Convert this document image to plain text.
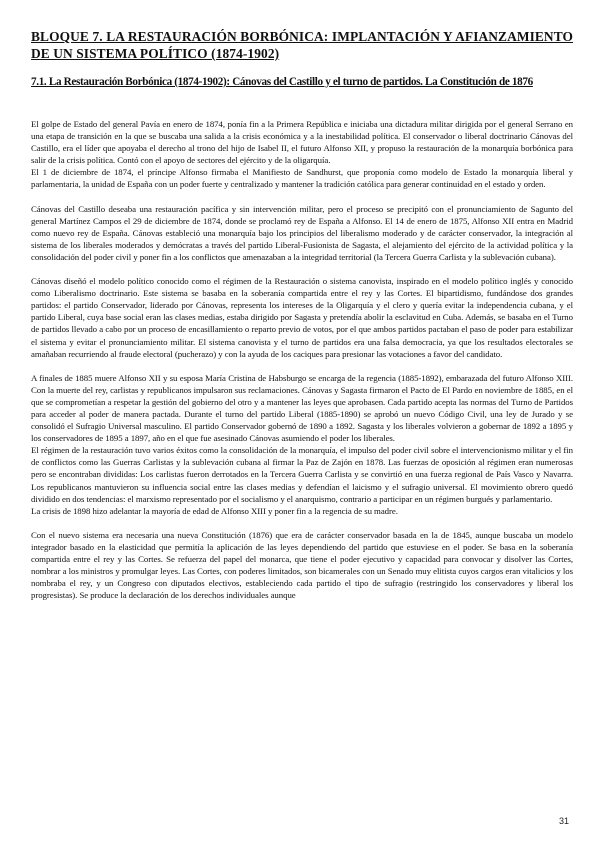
BLOQUE 7. LA RESTAURACIÓN BORBÓNICA: IMPLANTACIÓN Y AFIANZAMIENTO DE UN SISTEMA POLÍTICO (1874-1902)
7.1. La Restauración Borbónica (1874-1902): Cánovas del Castillo y el turno de partidos. La Constitución de 1876

El golpe de Estado del general Pavía en enero de 1874, ponía fin a la Primera República e iniciaba una dictadura militar dirigida por el general Serrano en una etapa de transición en la que se buscaba una salida a la crisis económica y a la inestabilidad política. El conservador o liberal doctrinario Cánovas del Castillo, era el líder que apoyaba el derecho al trono del hijo de Isabel II, el futuro Alfonso XII, y propuso la restauración de la monarquía borbónica para salir de la crisis política. Contó con el apoyo de sectores del ejército y de la oligarquía.

El 1 de diciembre de 1874, el príncipe Alfonso firmaba el Manifiesto de Sandhurst, que proponía como modelo de Estado la monarquía liberal y parlamentaria, la unidad de España con un poder fuerte y centralizado y mantener la tradición católica para generar continuidad en el estado y orden.

Cánovas del Castillo deseaba una restauración pacífica y sin intervención militar, pero el proceso se precipitó con el pronunciamiento de Sagunto del general Martínez Campos el 29 de diciembre de 1874, donde se proclamó rey de España a Alfonso. El 14 de enero de 1875, Alfonso XII entra en Madrid como nuevo rey de España. Cánovas estableció una monarquía bajo los principios del liberalismo moderado y de carácter conservador, la integración al sistema de los liberales moderados y demócratas a través del partido Liberal-Fusionista de Sagasta, el alejamiento del ejército de la actividad política y la consolidación del poder civil y poner fin a los conflictos que amenazaban a la integridad territorial (la Tercera Guerra Carlista y la sublevación cubana).

Cánovas diseñó el modelo político conocido como el régimen de la Restauración o sistema canovista, inspirado en el modelo político inglés y conocido como Liberalismo doctrinario. Este sistema se basaba en la soberanía compartida entre el rey y las Cortes. El bipartidismo, fundándose dos grandes partidos: el partido Conservador, liderado por Cánovas, representa los intereses de la Oligarquía y el clero y quería evitar la independencia cubana, y el partido Liberal, cuya base social eran las clases medias, estaba dirigido por Sagasta y pretendía abolir la esclavitud en Cuba. Además, se basaba en el Turno de partidos llevado a cabo por un proceso de encasillamiento o reparto previo de votos, por el que ambos partidos pactaban el paso de poder para estabilizar el sistema y evitar el pronunciamiento militar. El sistema canovista y el turno de partidos era una falsa democracia, ya que los resultados electorales se amañaban recurriendo al fraude electoral (pucherazo) y con la ayuda de los caciques para presionar las votaciones a favor del candidato.

A finales de 1885 muere Alfonso XII y su esposa María Cristina de Habsburgo se encarga de la regencia (1885-1892), embarazada del futuro Alfonso XIII. Con la muerte del rey, carlistas y republicanos impulsaron sus reclamaciones. Cánovas y Sagasta firmaron el Pacto de El Pardo en noviembre de 1885, en el que se comprometían a respetar la gestión del gobierno del otro y a mantener las leyes que aprobasen. Cada partido acepta las normas del Turno de Partidos para acceder al poder de manera pactada. Durante el turno del partido Liberal (1885-1890) se aprobó un nuevo Código Civil, una ley de Jurado y se consolidó el Sufragio Universal masculino. El partido Conservador gobernó de 1890 a 1892. Sagasta y los liberales volvieron a gobernar de 1892 a 1895 y los conservadores de 1895 a 1897, año en el que fue asesinado Cánovas asumiendo el poder los liberales.

El régimen de la restauración tuvo varios éxitos como la consolidación de la monarquía, el impulso del poder civil sobre el intervencionismo militar y el fin de conflictos como las Guerras Carlistas y la sublevación cubana al firmar la Paz de Zajón en 1878. Las fuerzas de oposición al régimen eran numerosas pero se encontraban divididas: Los carlistas fueron derrotados en la Tercera Guerra Carlista y se convirtió en una fuerza regional de País Vasco y Navarra. Los republicanos mantuvieron su influencia social entre las clases medias y defendían el laicismo y el sufragio universal. El movimiento obrero quedó dividido en dos tendencias: el marxismo representado por el socialismo y el anarquismo, contrario a participar en un régimen burgués y parlamentario.

La crisis de 1898 hizo adelantar la mayoría de edad de Alfonso XIII y poner fin a la regencia de su madre.

Con el nuevo sistema era necesaria una nueva Constitución (1876) que era de carácter conservador basada en la de 1845, aunque buscaba un modelo integrador basado en la elasticidad que permitía la aplicación de las leyes dependiendo del partido que estuviese en el poder. Se basa en la soberanía compartida entre el rey y las Cortes. Se refuerza del papel del monarca, que tiene el poder ejecutivo y capacidad para convocar y disolver las Cortes, nombrar a los ministros y promulgar leyes. Las Cortes, con poderes limitados, son bicamerales con un Senado muy elitista cuyos cargos eran vitalicios y los nombraba el rey, y un Congreso con diputados electivos, estableciendo cada partido el tipo de sufragio (restringido los conservadores y liberal los progresistas). Se produce la declaración de los derechos individuales aunque

31
